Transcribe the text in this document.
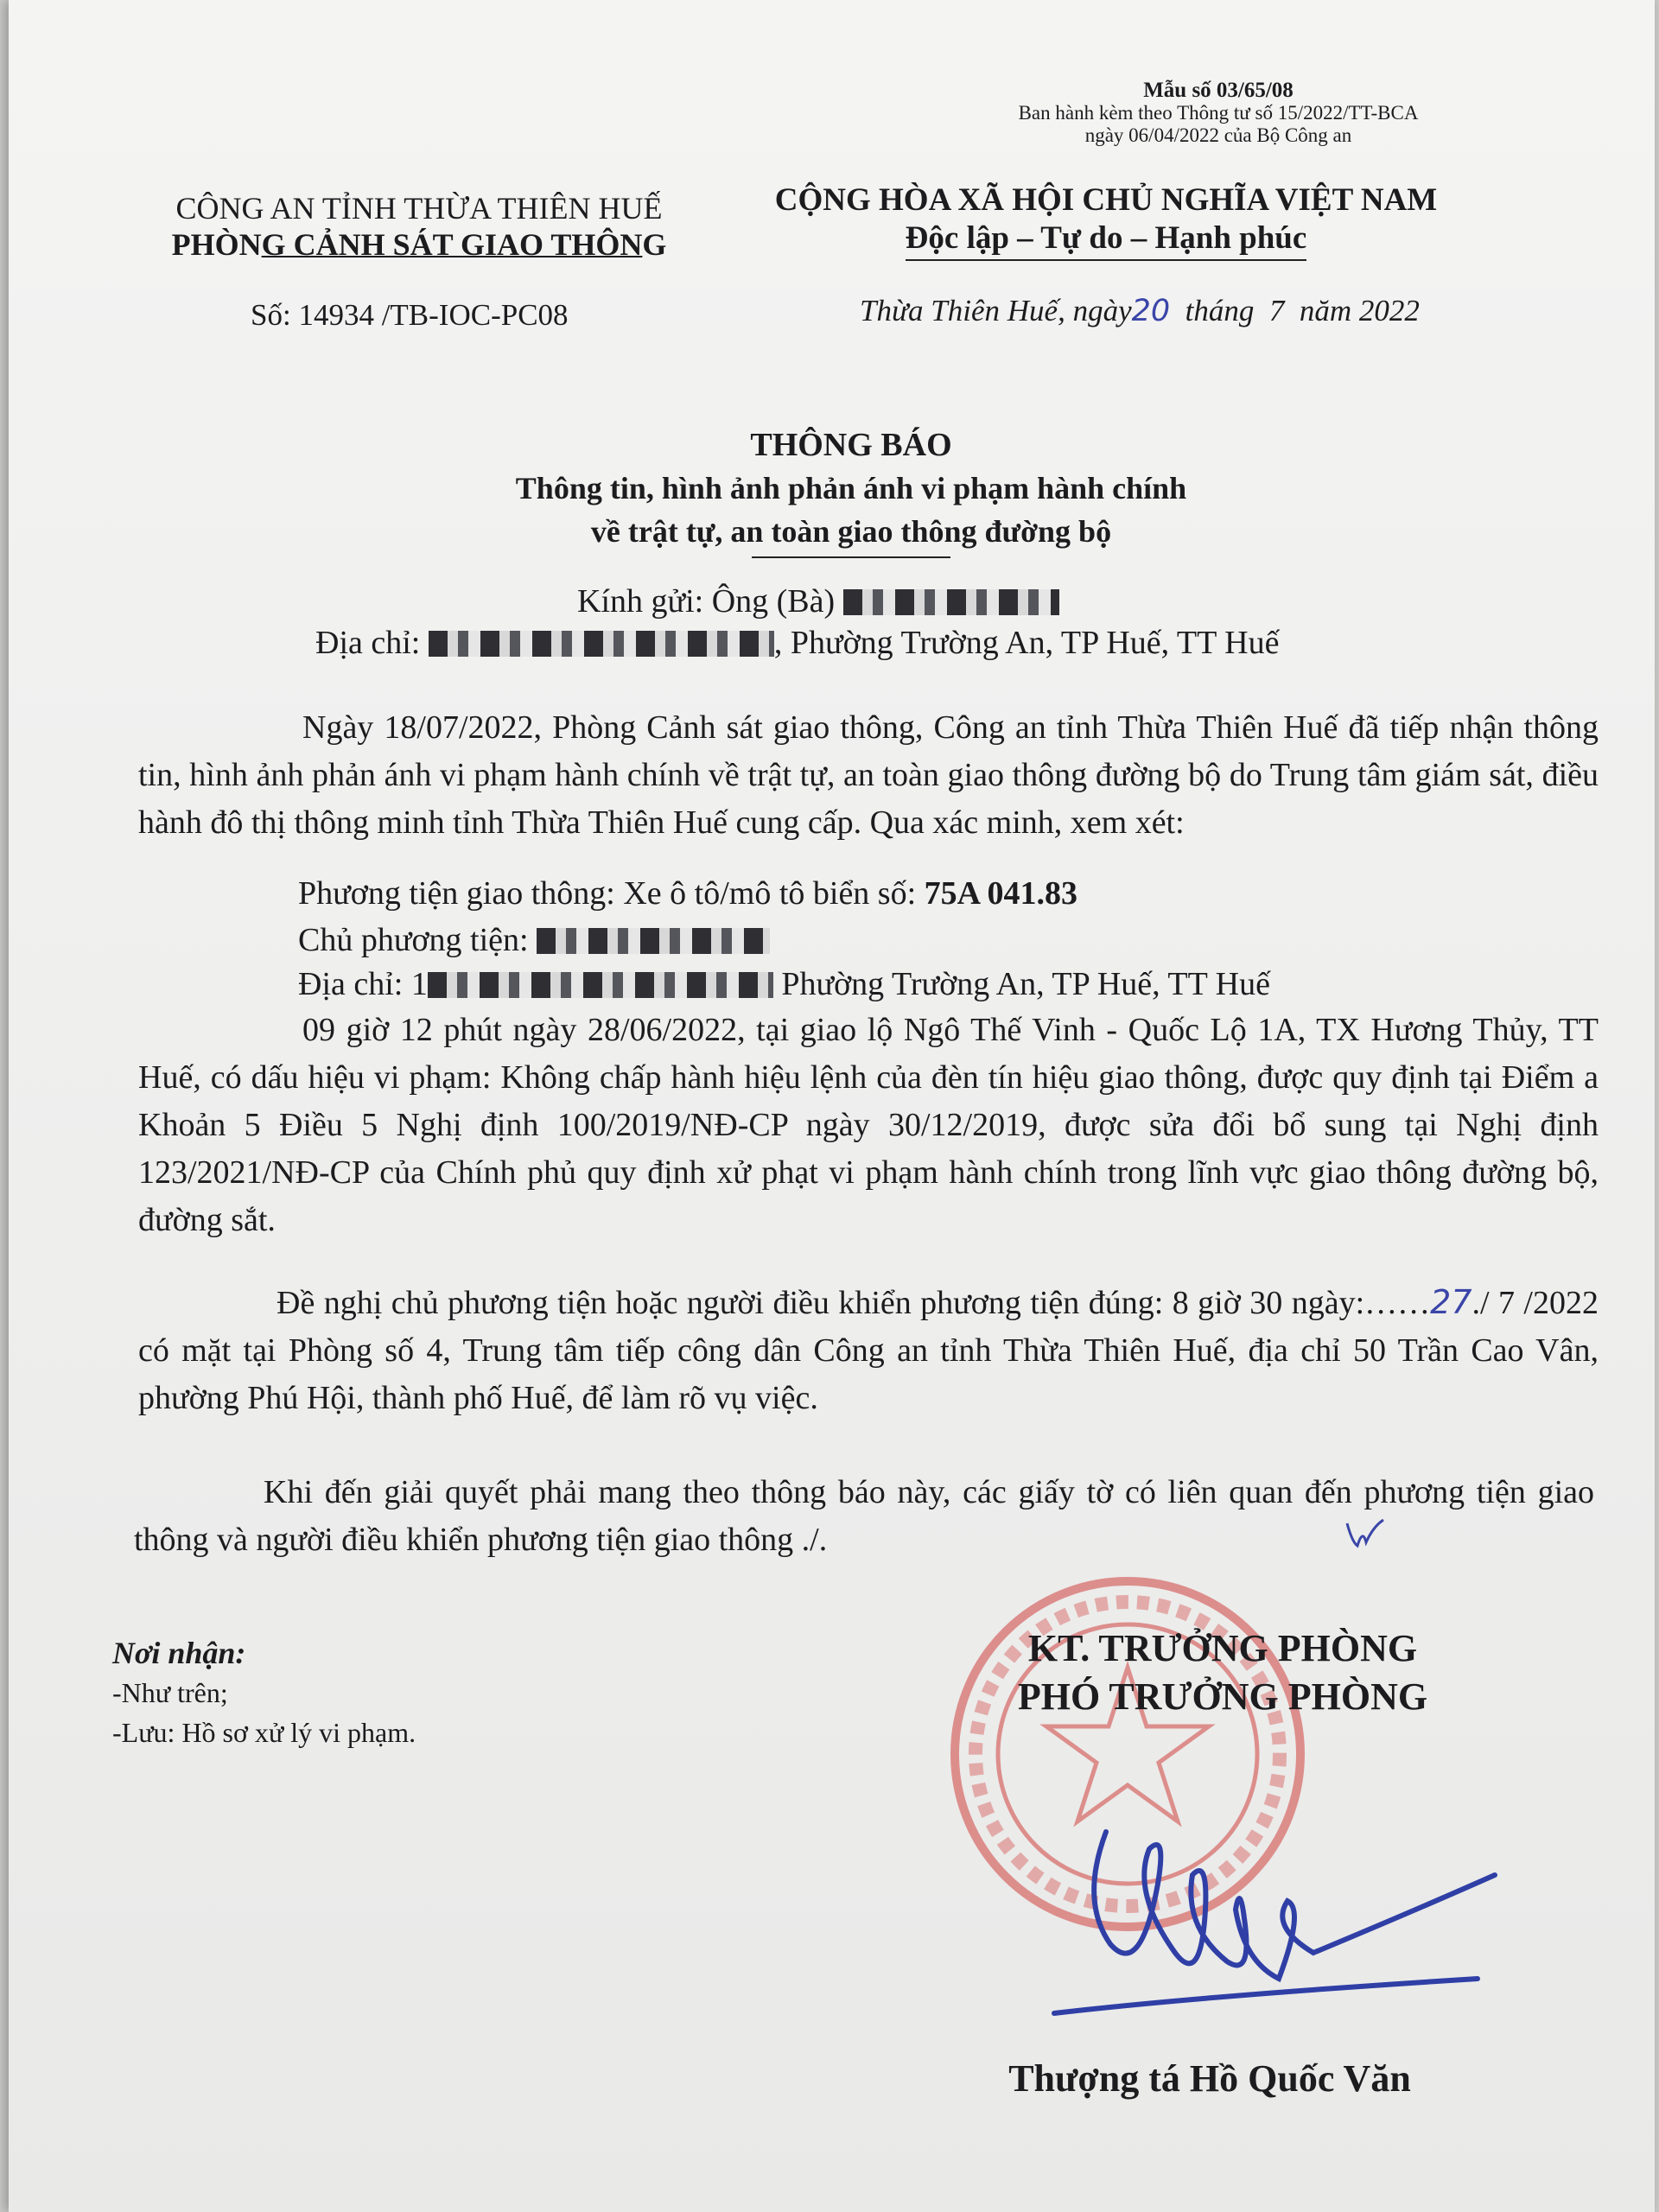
Mẫu số 03/65/08
Ban hành kèm theo Thông tư số 15/2022/TT-BCA
ngày 06/04/2022 của Bộ Công an
CÔNG AN TỈNH THỪA THIÊN HUẾ
PHÒNG CẢNH SÁT GIAO THÔNG
CỘNG HÒA XÃ HỘI CHỦ NGHĨA VIỆT NAM
Độc lập – Tự do – Hạnh phúc
Số: 14934 /TB-IOC-PC08	Thừa Thiên Huế, ngày20 tháng 7 năm 2022
THÔNG BÁO
Thông tin, hình ảnh phản ánh vi phạm hành chính
về trật tự, an toàn giao thông đường bộ
Kính gửi: Ông (Bà)
Địa chỉ:	, Phường Trường An, TP Huế, TT Huế
Ngày 18/07/2022, Phòng Cảnh sát giao thông, Công an tỉnh Thừa Thiên Huế đã tiếp nhận thông tin, hình ảnh phản ánh vi phạm hành chính về trật tự, an toàn giao thông đường bộ do Trung tâm giám sát, điều hành đô thị thông minh tỉnh Thừa Thiên Huế cung cấp. Qua xác minh, xem xét:
Phương tiện giao thông: Xe ô tô/mô tô biển số: 75A 041.83
Chủ phương tiện:
Địa chỉ: 1	Phường Trường An, TP Huế, TT Huế
09 giờ 12 phút ngày 28/06/2022, tại giao lộ Ngô Thế Vinh - Quốc Lộ 1A, TX Hương Thủy, TT Huế, có dấu hiệu vi phạm: Không chấp hành hiệu lệnh của đèn tín hiệu giao thông, được quy định tại Điểm a Khoản 5 Điều 5 Nghị định 100/2019/NĐ-CP ngày 30/12/2019, được sửa đổi bổ sung tại Nghị định 123/2021/NĐ-CP của Chính phủ quy định xử phạt vi phạm hành chính trong lĩnh vực giao thông đường bộ, đường sắt.
Đề nghị chủ phương tiện hoặc người điều khiển phương tiện đúng: 8 giờ 30 ngày:……27./ 7 /2022 có mặt tại Phòng số 4, Trung tâm tiếp công dân Công an tỉnh Thừa Thiên Huế, địa chỉ 50 Trần Cao Vân, phường Phú Hội, thành phố Huế, để làm rõ vụ việc.
Khi đến giải quyết phải mang theo thông báo này, các giấy tờ có liên quan đến phương tiện giao thông và người điều khiển phương tiện giao thông ./.
Nơi nhận:
-Như trên;
-Lưu: Hồ sơ xử lý vi phạm.
KT. TRƯỞNG PHÒNG
PHÓ TRƯỞNG PHÒNG
Thượng tá Hồ Quốc Văn
